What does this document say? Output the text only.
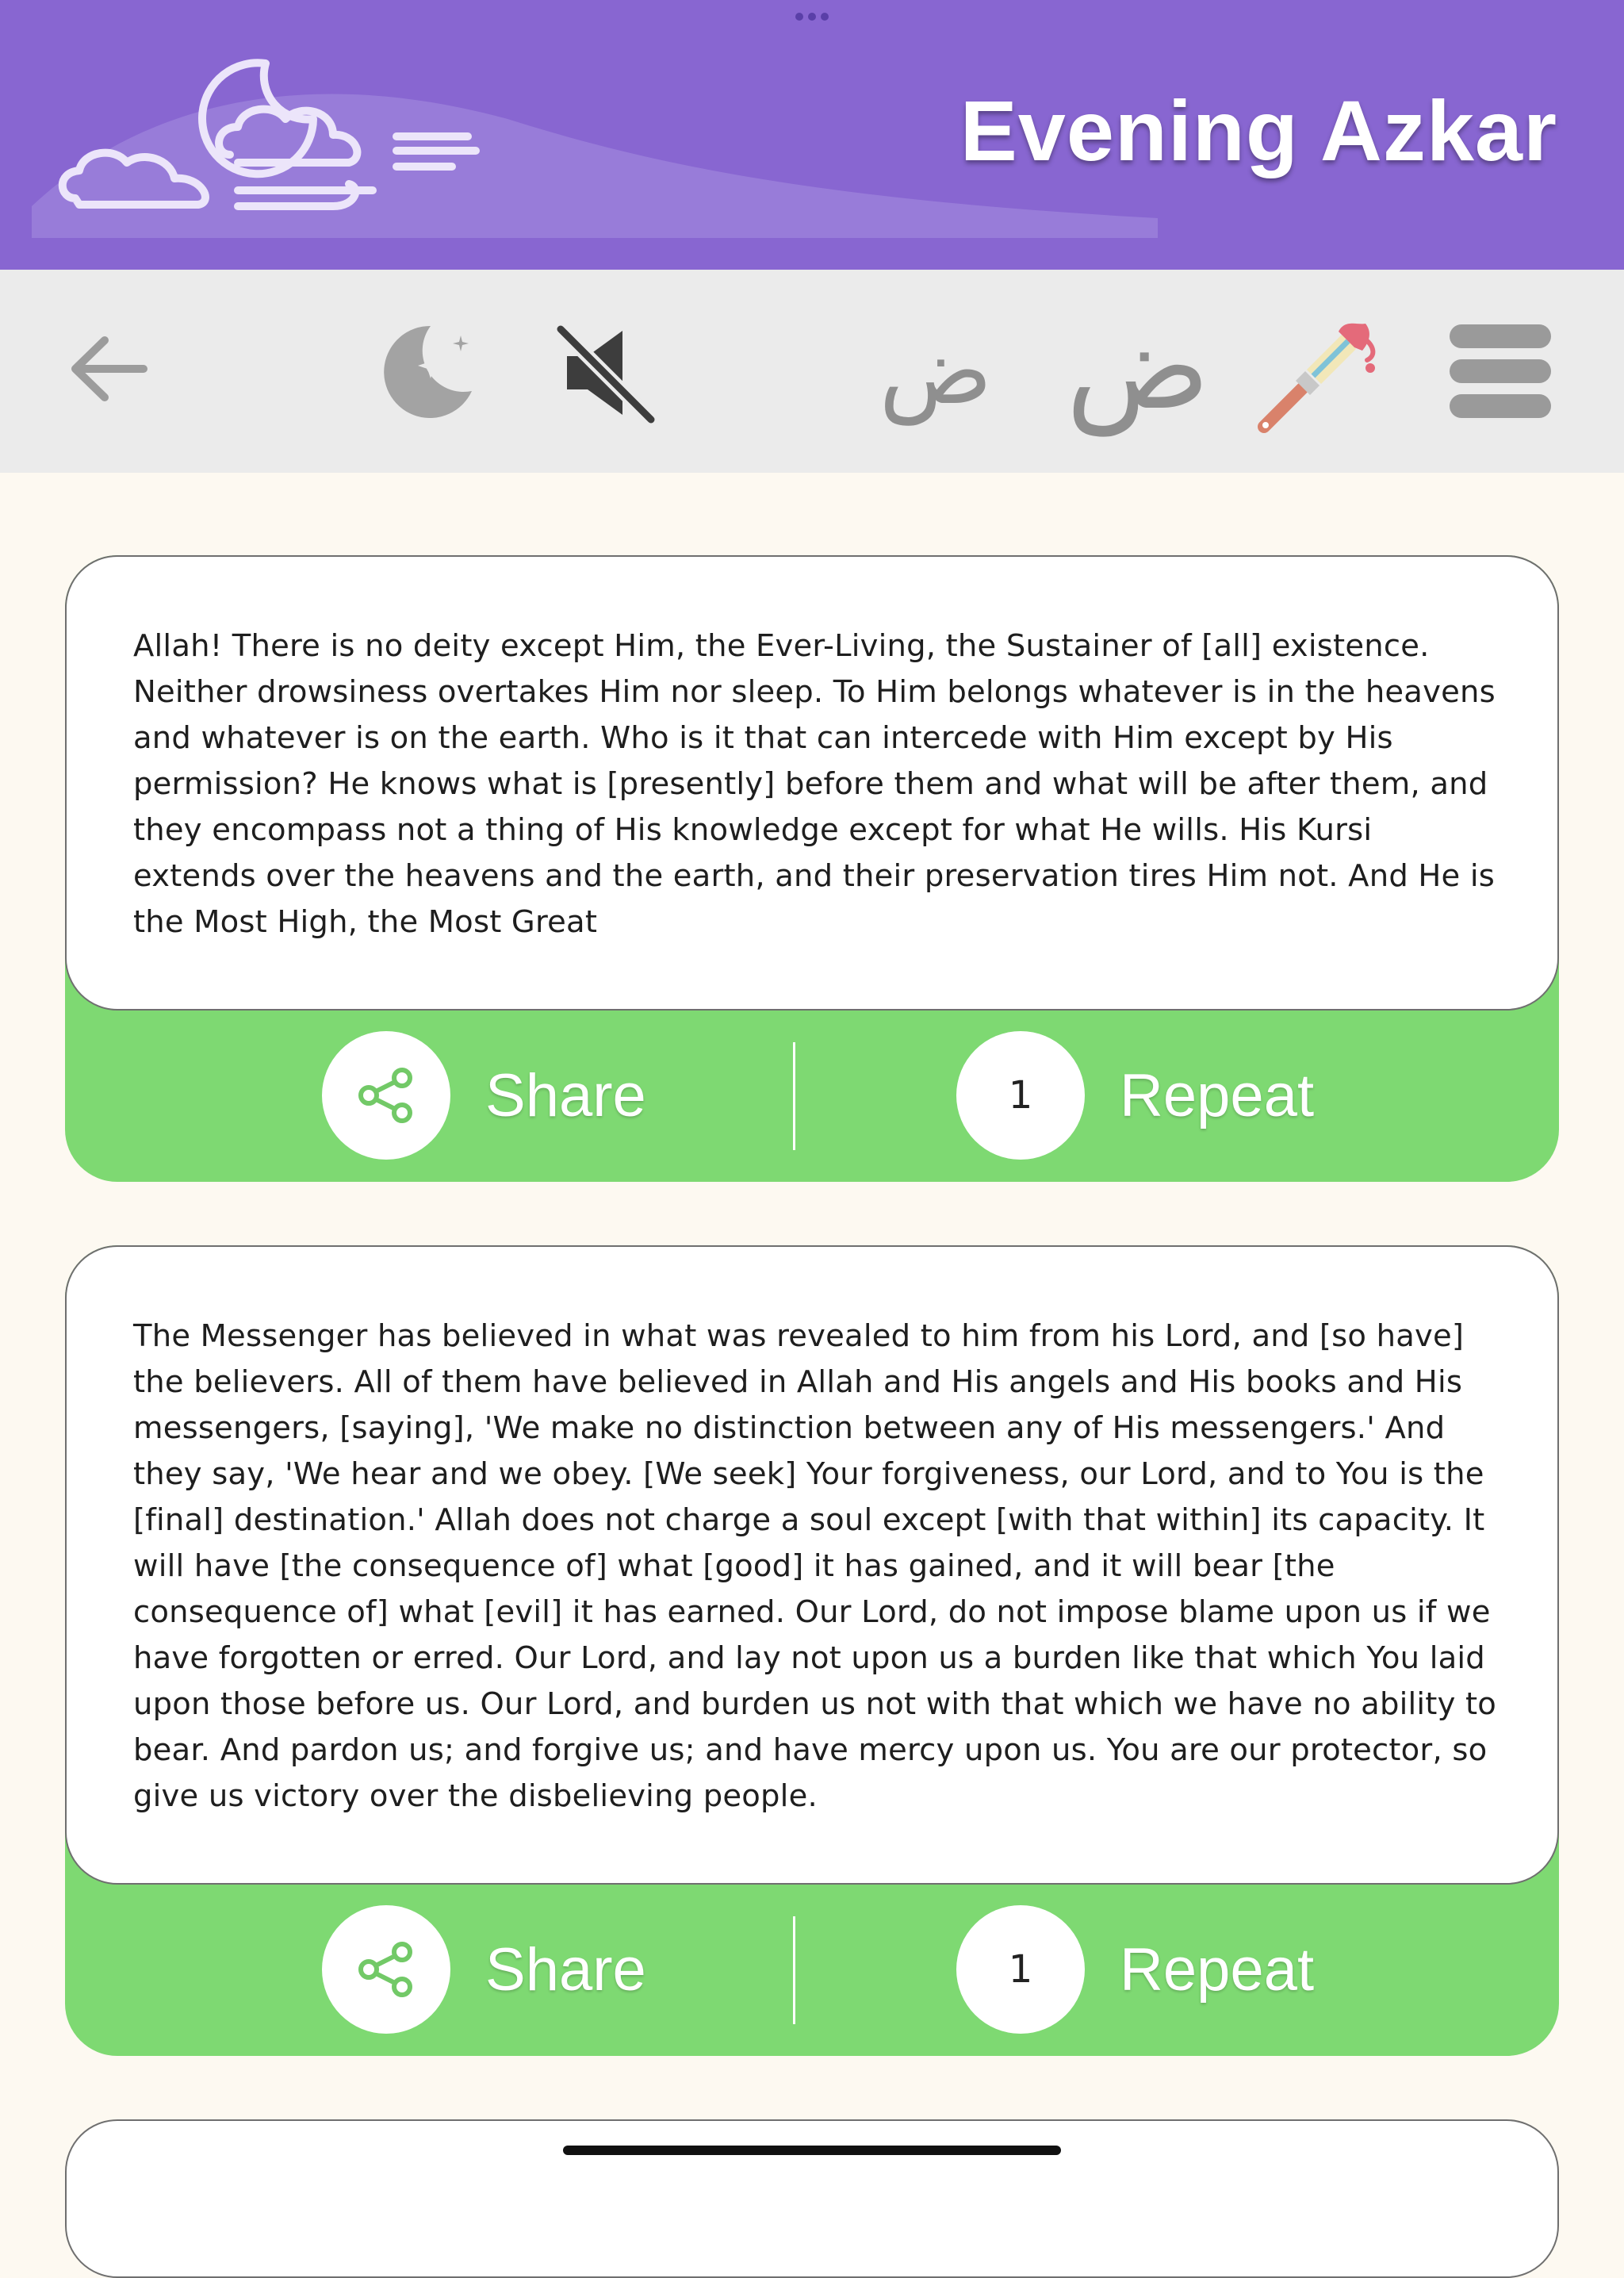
Evening Azkar
ض ض

Allah! There is no deity except Him, the Ever-Living, the Sustainer of [all] existence. Neither drowsiness overtakes Him nor sleep. To Him belongs whatever is in the heavens and whatever is on the earth. Who is it that can intercede with Him except by His permission? He knows what is [presently] before them and what will be after them, and they encompass not a thing of His knowledge except for what He wills. His Kursi extends over the heavens and the earth, and their preservation tires Him not. And He is the Most High, the Most Great

Share	1 Repeat

The Messenger has believed in what was revealed to him from his Lord, and [so have] the believers. All of them have believed in Allah and His angels and His books and His messengers, [saying], 'We make no distinction between any of His messengers.' And they say, 'We hear and we obey. [We seek] Your forgiveness, our Lord, and to You is the [final] destination.' Allah does not charge a soul except [with that within] its capacity. It will have [the consequence of] what [good] it has gained, and it will bear [the consequence of] what [evil] it has earned. Our Lord, do not impose blame upon us if we have forgotten or erred. Our Lord, and lay not upon us a burden like that which You laid upon those before us. Our Lord, and burden us not with that which we have no ability to bear. And pardon us; and forgive us; and have mercy upon us. You are our protector, so give us victory over the disbelieving people.

Share	1 Repeat
